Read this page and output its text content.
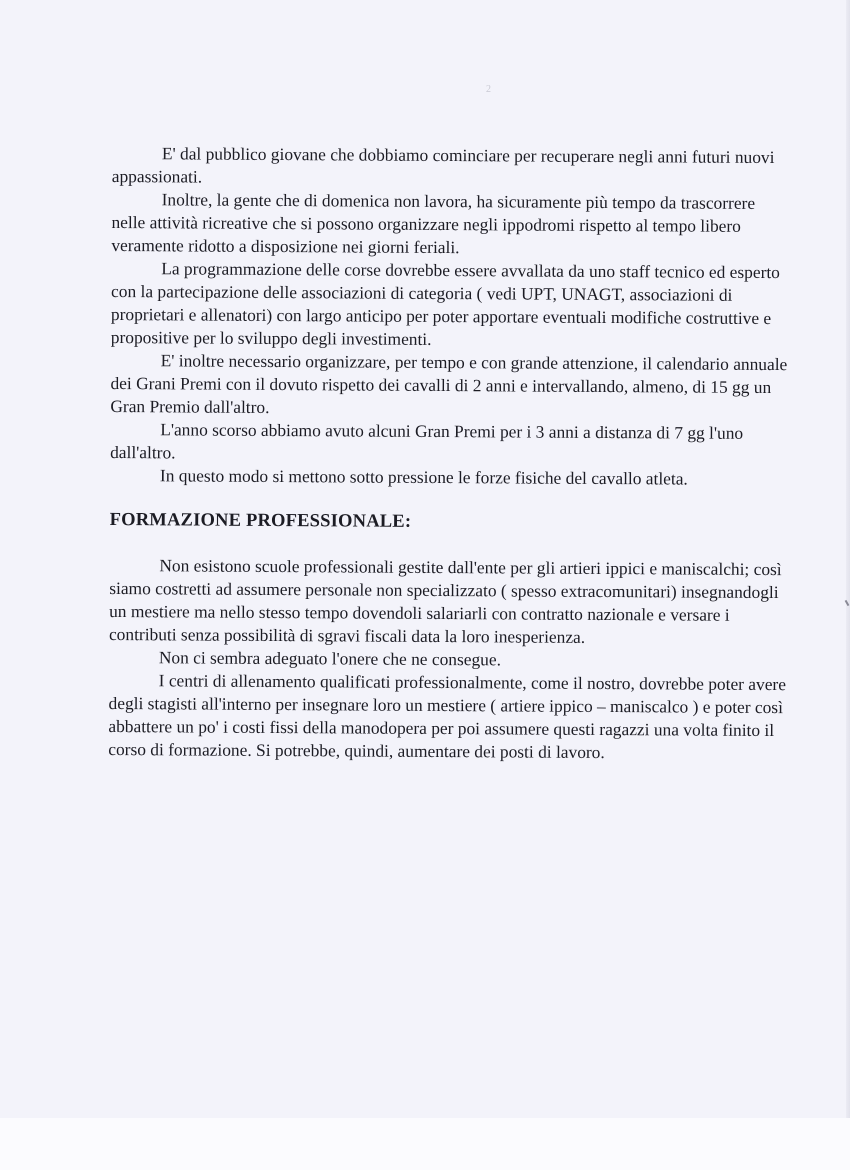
2

E' dal pubblico giovane che dobbiamo cominciare per recuperare negli anni futuri nuovi appassionati.

Inoltre, la gente che di domenica non lavora, ha sicuramente più tempo da trascorrere nelle attività ricreative che si possono organizzare negli ippodromi rispetto al tempo libero veramente ridotto a disposizione nei giorni feriali.

La programmazione delle corse dovrebbe essere avvallata da uno staff tecnico ed esperto con la partecipazione delle associazioni di categoria ( vedi UPT, UNAGT, associazioni di proprietari e allenatori) con largo anticipo per poter apportare eventuali modifiche costruttive e propositive per lo sviluppo degli investimenti.

E' inoltre necessario organizzare, per tempo e con grande attenzione, il calendario annuale dei Grani Premi con il dovuto rispetto dei cavalli di 2 anni e intervallando, almeno, di 15 gg un Gran Premio dall'altro.

L'anno scorso abbiamo avuto alcuni Gran Premi per i 3 anni a distanza di 7 gg l'uno dall'altro.

In questo modo si mettono sotto pressione le forze fisiche del cavallo atleta.

FORMAZIONE PROFESSIONALE:

Non esistono scuole professionali gestite dall'ente per gli artieri ippici e maniscalchi; così siamo costretti ad assumere personale non specializzato ( spesso extracomunitari) insegnandogli un mestiere ma nello stesso tempo dovendoli salariarli con contratto nazionale e versare i contributi senza possibilità di sgravi fiscali data la loro inesperienza.

Non ci sembra adeguato l'onere che ne consegue.

I centri di allenamento qualificati professionalmente, come il nostro, dovrebbe poter avere degli stagisti all'interno per insegnare loro un mestiere ( artiere ippico – maniscalco ) e poter così abbattere un po' i costi fissi della manodopera per poi assumere questi ragazzi una volta finito il corso di formazione. Si potrebbe, quindi, aumentare dei posti di lavoro.
